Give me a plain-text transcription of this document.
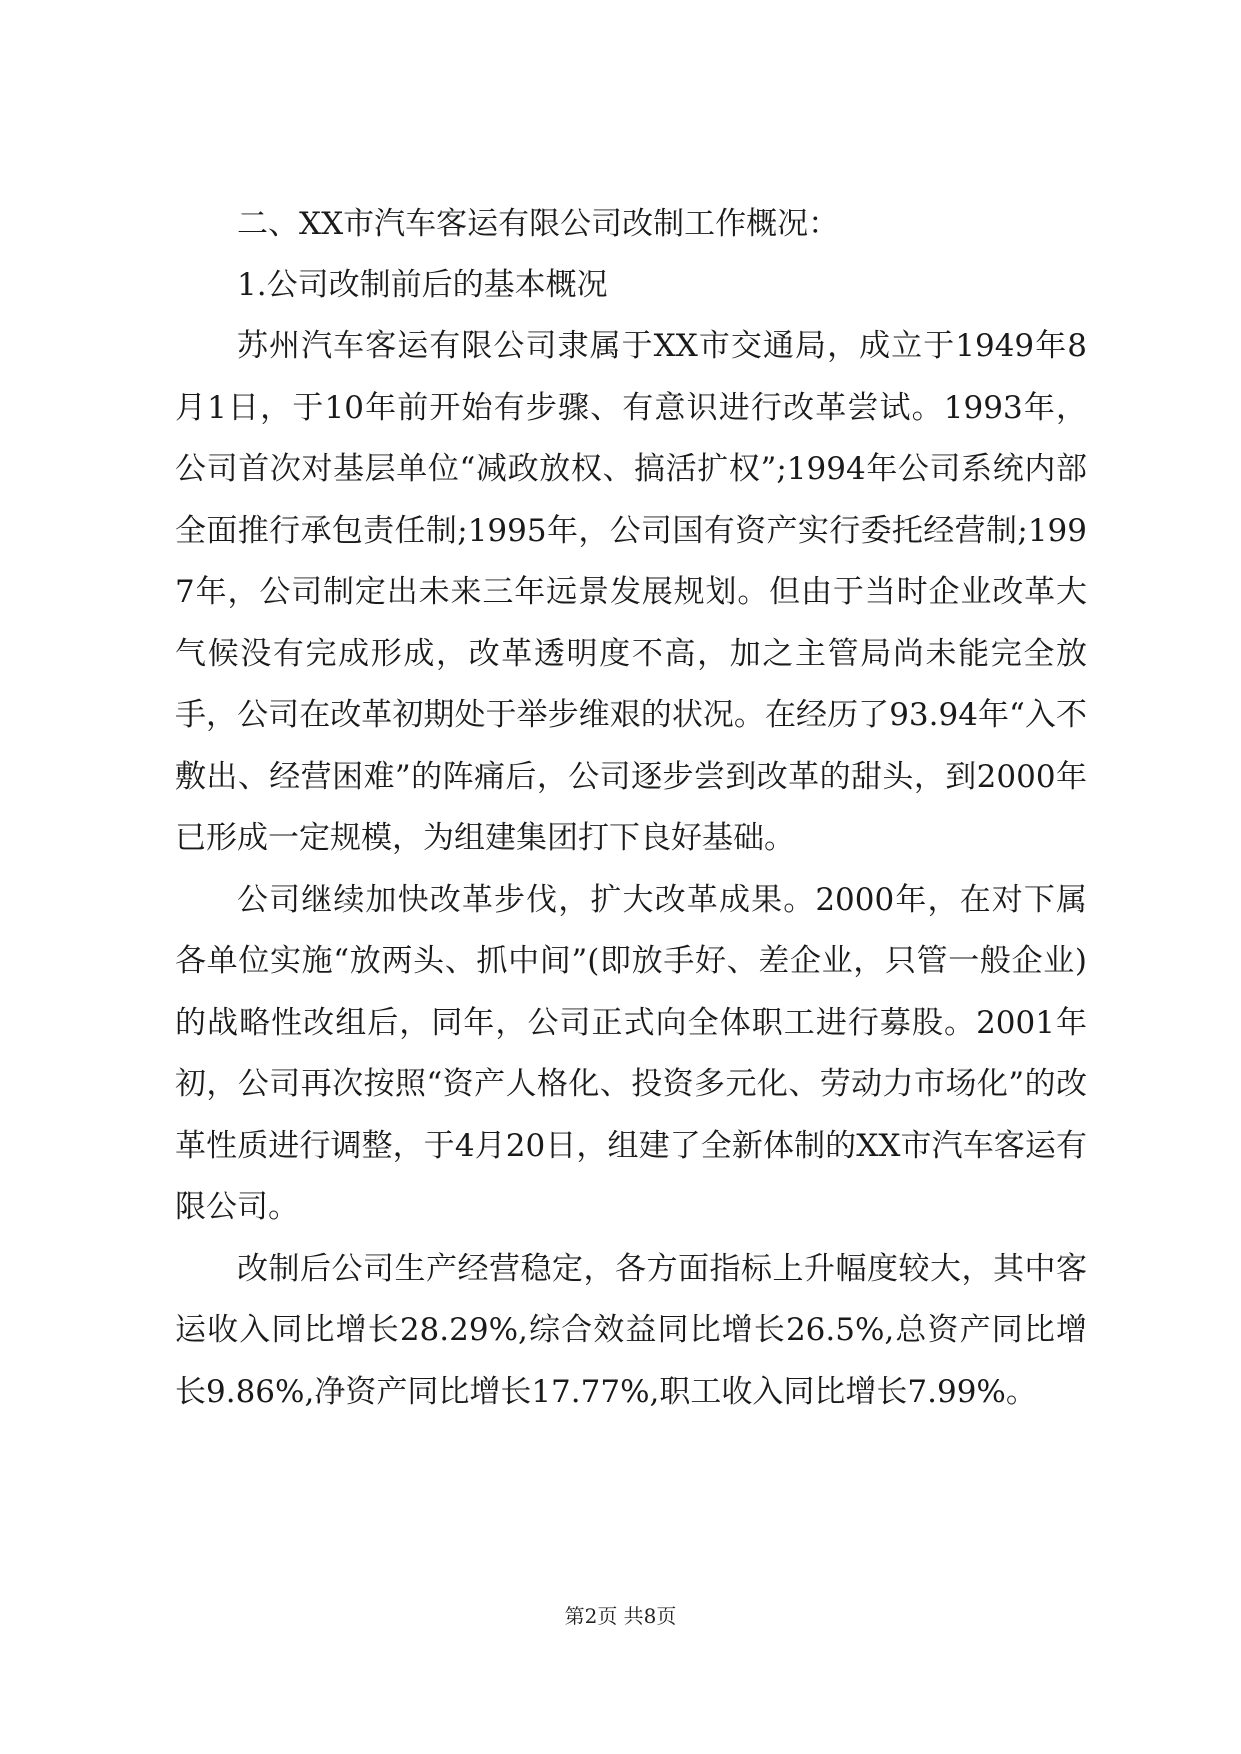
二、XX市汽车客运有限公司改制工作概况：

1.公司改制前后的基本概况

苏州汽车客运有限公司隶属于XX市交通局，成立于1949年8月1日，于10年前开始有步骤、有意识进行改革尝试。1993年，公司首次对基层单位“减政放权、搞活扩权”;1994年公司系统内部全面推行承包责任制;1995年，公司国有资产实行委托经营制;1997年，公司制定出未来三年远景发展规划。但由于当时企业改革大气候没有完成形成，改革透明度不高，加之主管局尚未能完全放手，公司在改革初期处于举步维艰的状况。在经历了93.94年“入不敷出、经营困难”的阵痛后，公司逐步尝到改革的甜头，到2000年已形成一定规模，为组建集团打下良好基础。

公司继续加快改革步伐，扩大改革成果。2000年，在对下属各单位实施“放两头、抓中间”(即放手好、差企业，只管一般企业)的战略性改组后，同年，公司正式向全体职工进行募股。2001年初，公司再次按照“资产人格化、投资多元化、劳动力市场化”的改革性质进行调整，于4月20日，组建了全新体制的XX市汽车客运有限公司。

改制后公司生产经营稳定，各方面指标上升幅度较大，其中客运收入同比增长28.29%,综合效益同比增长26.5%,总资产同比增长9.86%,净资产同比增长17.77%,职工收入同比增长7.99%。

第2页 共8页
